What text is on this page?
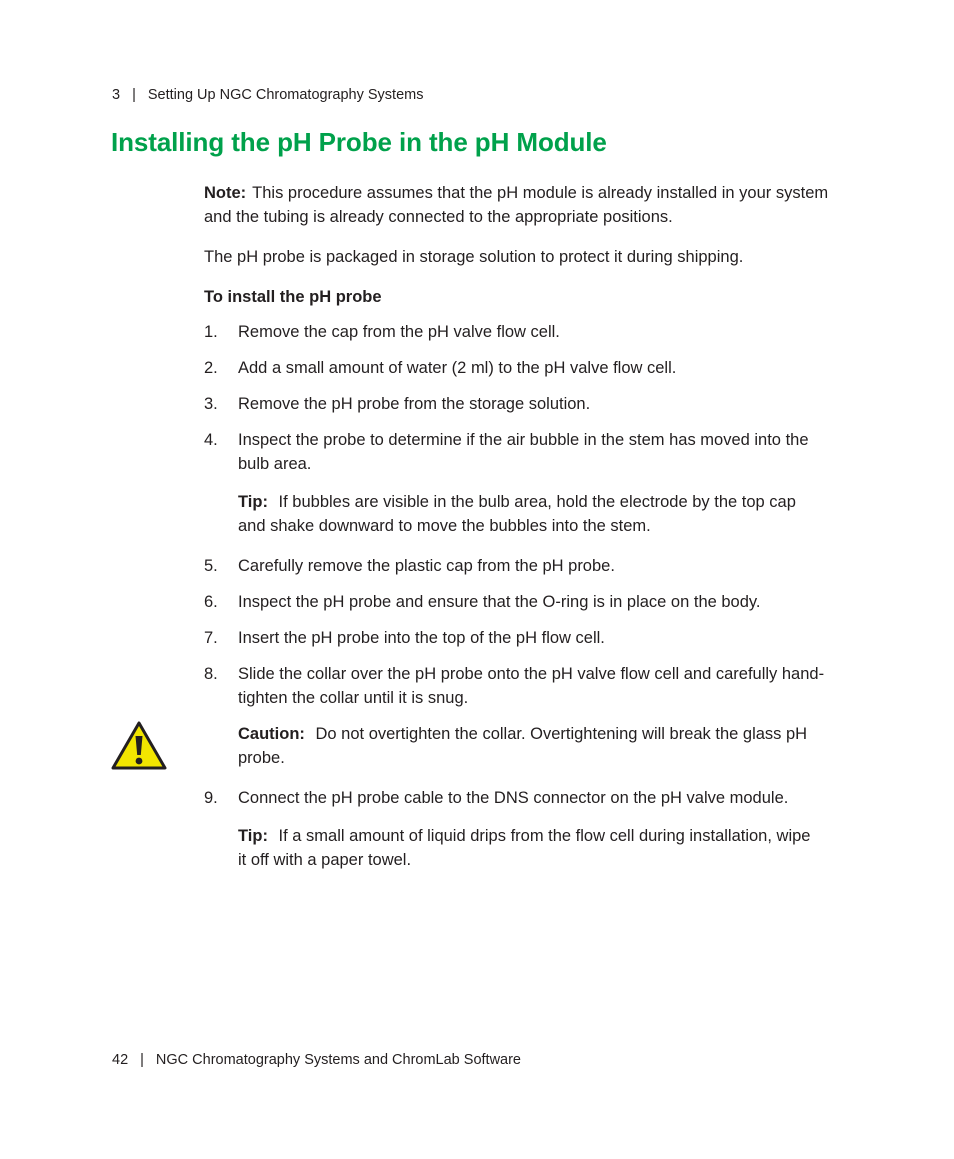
3 | Setting Up NGC Chromatography Systems
Installing the pH Probe in the pH Module

Note: This procedure assumes that the pH module is already installed in your system and the tubing is already connected to the appropriate positions.

The pH probe is packaged in storage solution to protect it during shipping.

To install the pH probe

1. Remove the cap from the pH valve flow cell.
2. Add a small amount of water (2 ml) to the pH valve flow cell.
3. Remove the pH probe from the storage solution.
4. Inspect the probe to determine if the air bubble in the stem has moved into the bulb area.

Tip: If bubbles are visible in the bulb area, hold the electrode by the top cap and shake downward to move the bubbles into the stem.

5. Carefully remove the plastic cap from the pH probe.
6. Inspect the pH probe and ensure that the O-ring is in place on the body.
7. Insert the pH probe into the top of the pH flow cell.
8. Slide the collar over the pH probe onto the pH valve flow cell and carefully hand-tighten the collar until it is snug.

Caution: Do not overtighten the collar. Overtightening will break the glass pH probe.

9. Connect the pH probe cable to the DNS connector on the pH valve module.

Tip: If a small amount of liquid drips from the flow cell during installation, wipe it off with a paper towel.

42 | NGC Chromatography Systems and ChromLab Software
